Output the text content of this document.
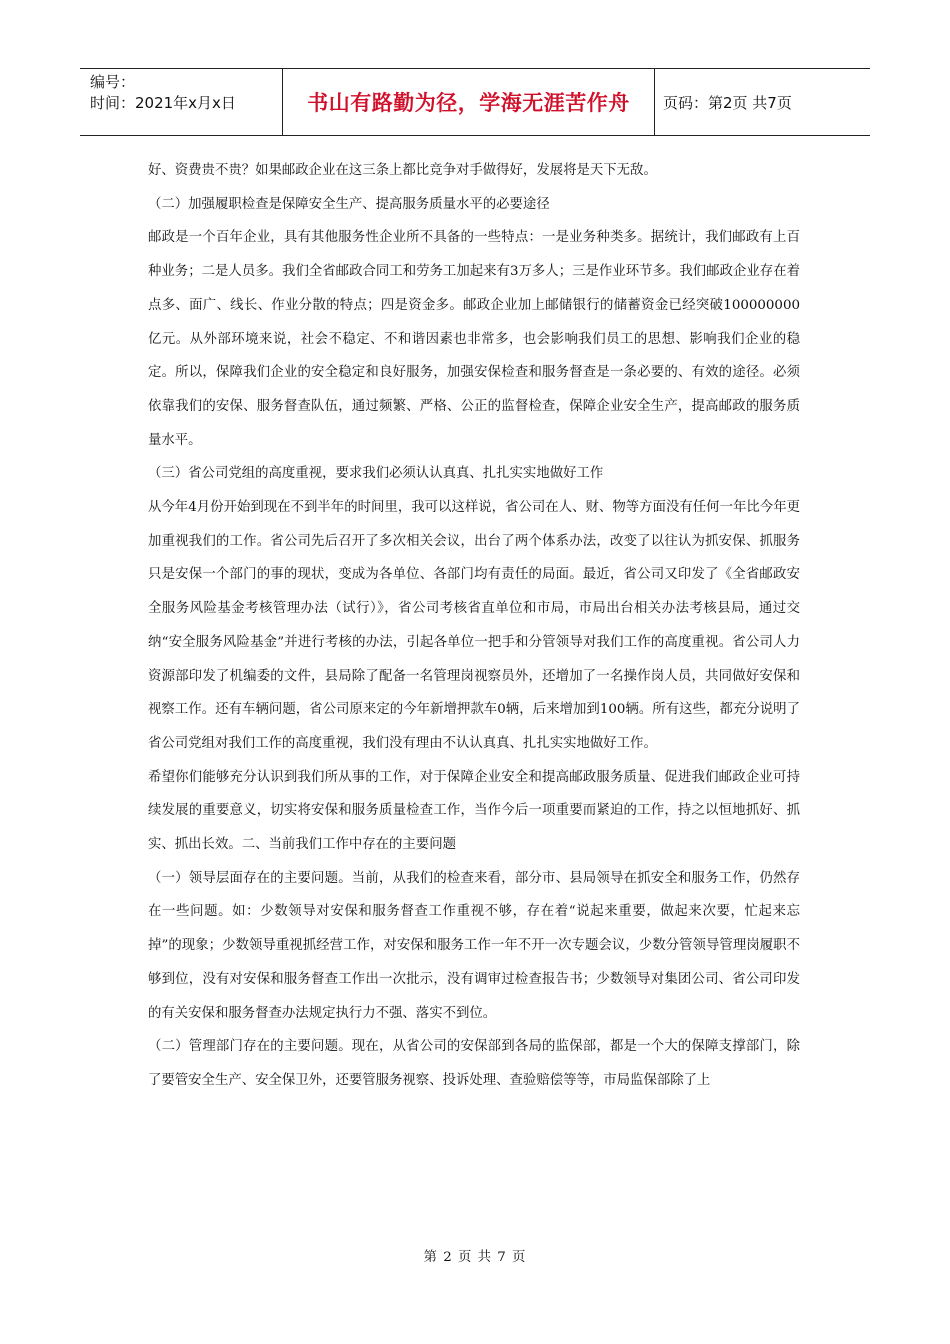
编号：
时间：2021年x月x日	书山有路勤为径，学海无涯苦作舟	页码：第2页 共7页

好、资费贵不贵？如果邮政企业在这三条上都比竞争对手做得好，发展将是天下无敌。

（二）加强履职检查是保障安全生产、提高服务质量水平的必要途径

邮政是一个百年企业，具有其他服务性企业所不具备的一些特点：一是业务种类多。据统计，我们邮政有上百种业务；二是人员多。我们全省邮政合同工和劳务工加起来有3万多人；三是作业环节多。我们邮政企业存在着点多、面广、线长、作业分散的特点；四是资金多。邮政企业加上邮储银行的储蓄资金已经突破100000000亿元。从外部环境来说，社会不稳定、不和谐因素也非常多，也会影响我们员工的思想、影响我们企业的稳定。所以，保障我们企业的安全稳定和良好服务，加强安保检查和服务督查是一条必要的、有效的途径。必须依靠我们的安保、服务督查队伍，通过频繁、严格、公正的监督检查，保障企业安全生产，提高邮政的服务质量水平。

（三）省公司党组的高度重视，要求我们必须认认真真、扎扎实实地做好工作

从今年4月份开始到现在不到半年的时间里，我可以这样说，省公司在人、财、物等方面没有任何一年比今年更加重视我们的工作。省公司先后召开了多次相关会议，出台了两个体系办法，改变了以往认为抓安保、抓服务只是安保一个部门的事的现状，变成为各单位、各部门均有责任的局面。最近，省公司又印发了《全省邮政安全服务风险基金考核管理办法（试行）》，省公司考核省直单位和市局，市局出台相关办法考核县局，通过交纳“安全服务风险基金”并进行考核的办法，引起各单位一把手和分管领导对我们工作的高度重视。省公司人力资源部印发了机编委的文件，县局除了配备一名管理岗视察员外，还增加了一名操作岗人员，共同做好安保和视察工作。还有车辆问题，省公司原来定的今年新增押款车0辆，后来增加到100辆。所有这些，都充分说明了省公司党组对我们工作的高度重视，我们没有理由不认认真真、扎扎实实地做好工作。

希望你们能够充分认识到我们所从事的工作，对于保障企业安全和提高邮政服务质量、促进我们邮政企业可持续发展的重要意义，切实将安保和服务质量检查工作，当作今后一项重要而紧迫的工作，持之以恒地抓好、抓实、抓出长效。二、当前我们工作中存在的主要问题

（一）领导层面存在的主要问题。当前，从我们的检查来看，部分市、县局领导在抓安全和服务工作，仍然存在一些问题。如：少数领导对安保和服务督查工作重视不够，存在着“说起来重要，做起来次要，忙起来忘掉”的现象；少数领导重视抓经营工作，对安保和服务工作一年不开一次专题会议，少数分管领导管理岗履职不够到位，没有对安保和服务督查工作出一次批示，没有调审过检查报告书；少数领导对集团公司、省公司印发的有关安保和服务督查办法规定执行力不强、落实不到位。

（二）管理部门存在的主要问题。现在，从省公司的安保部到各局的监保部，都是一个大的保障支撑部门，除了要管安全生产、安全保卫外，还要管服务视察、投诉处理、查验赔偿等等，市局监保部除了上

第 2 页 共 7 页
